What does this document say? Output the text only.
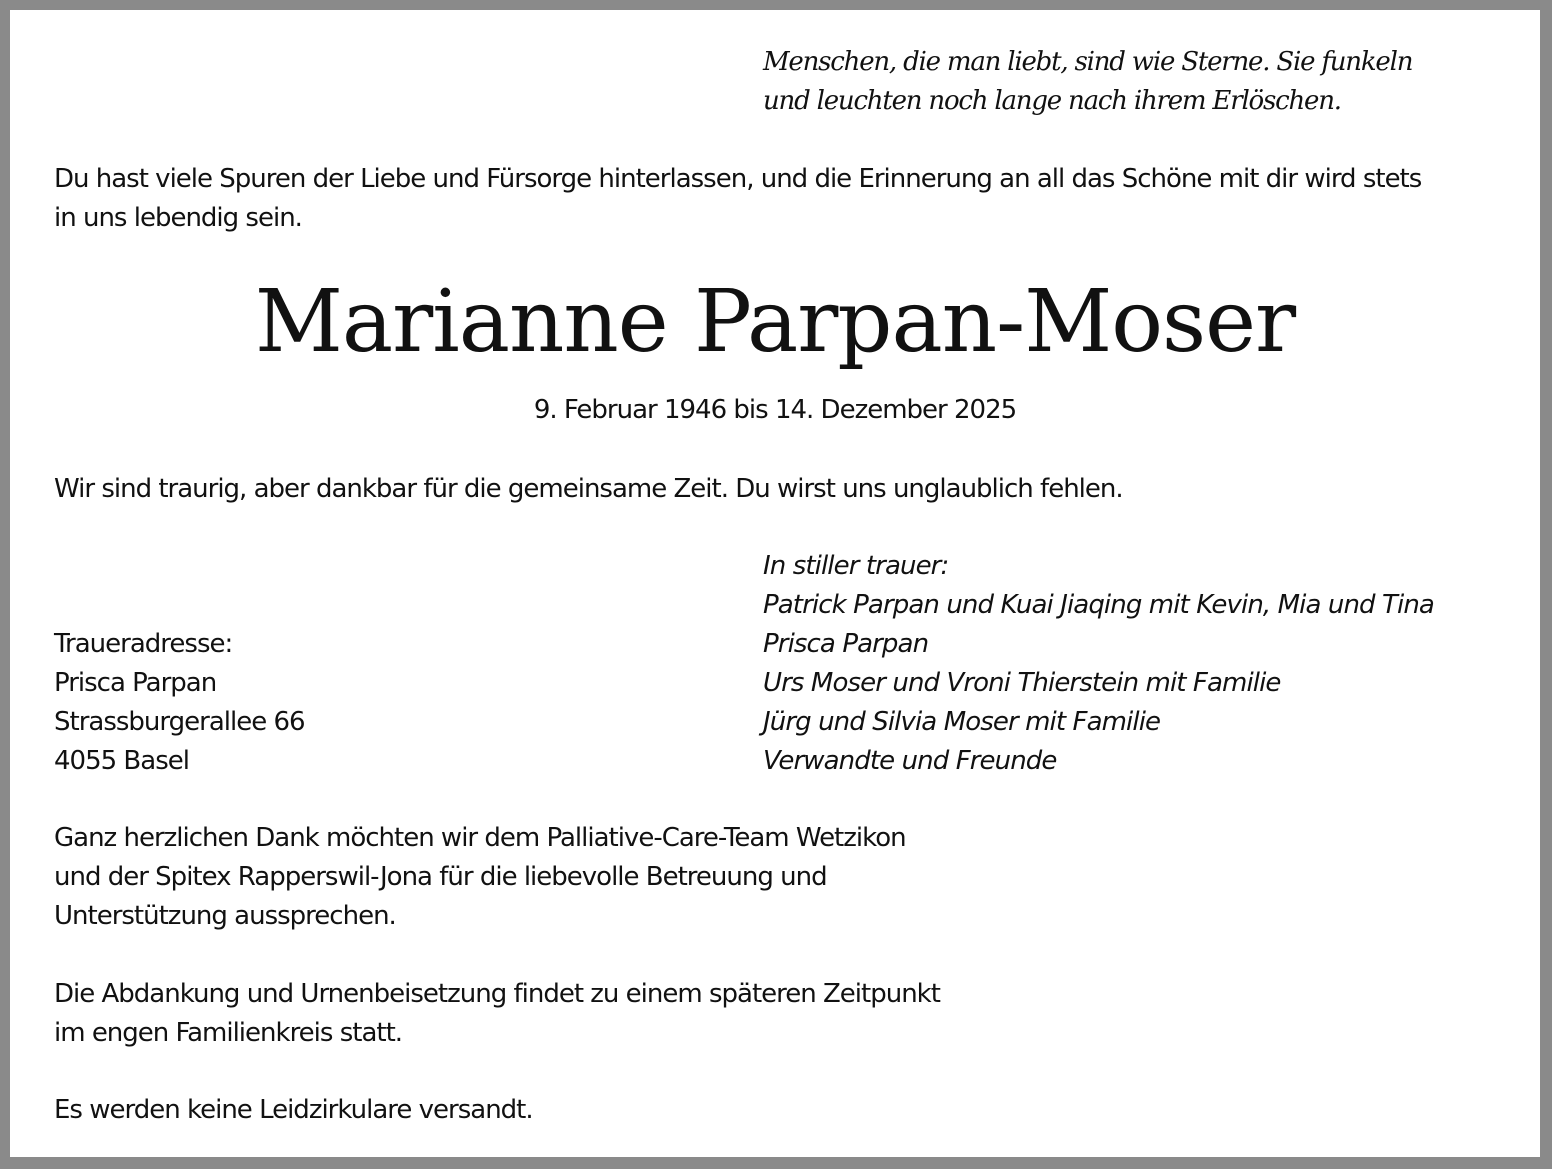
Menschen, die man liebt, sind wie Sterne. Sie funkeln
und leuchten noch lange nach ihrem Erlöschen.
Du hast viele Spuren der Liebe und Fürsorge hinterlassen, und die Erinnerung an all das Schöne mit dir wird stets
in uns lebendig sein.
Marianne Parpan-Moser
9. Februar 1946 bis 14. Dezember 2025
Wir sind traurig, aber dankbar für die gemeinsame Zeit. Du wirst uns unglaublich fehlen.
In stiller trauer:
Patrick Parpan und Kuai Jiaqing mit Kevin, Mia und Tina
Prisca Parpan
Urs Moser und Vroni Thierstein mit Familie
Jürg und Silvia Moser mit Familie
Verwandte und Freunde
Traueradresse:
Prisca Parpan
Strassburgerallee 66
4055 Basel
Ganz herzlichen Dank möchten wir dem Palliative-Care-Team Wetzikon
und der Spitex Rapperswil-Jona für die liebevolle Betreuung und
Unterstützung aussprechen.
Die Abdankung und Urnenbeisetzung findet zu einem späteren Zeitpunkt
im engen Familienkreis statt.
Es werden keine Leidzirkulare versandt.
